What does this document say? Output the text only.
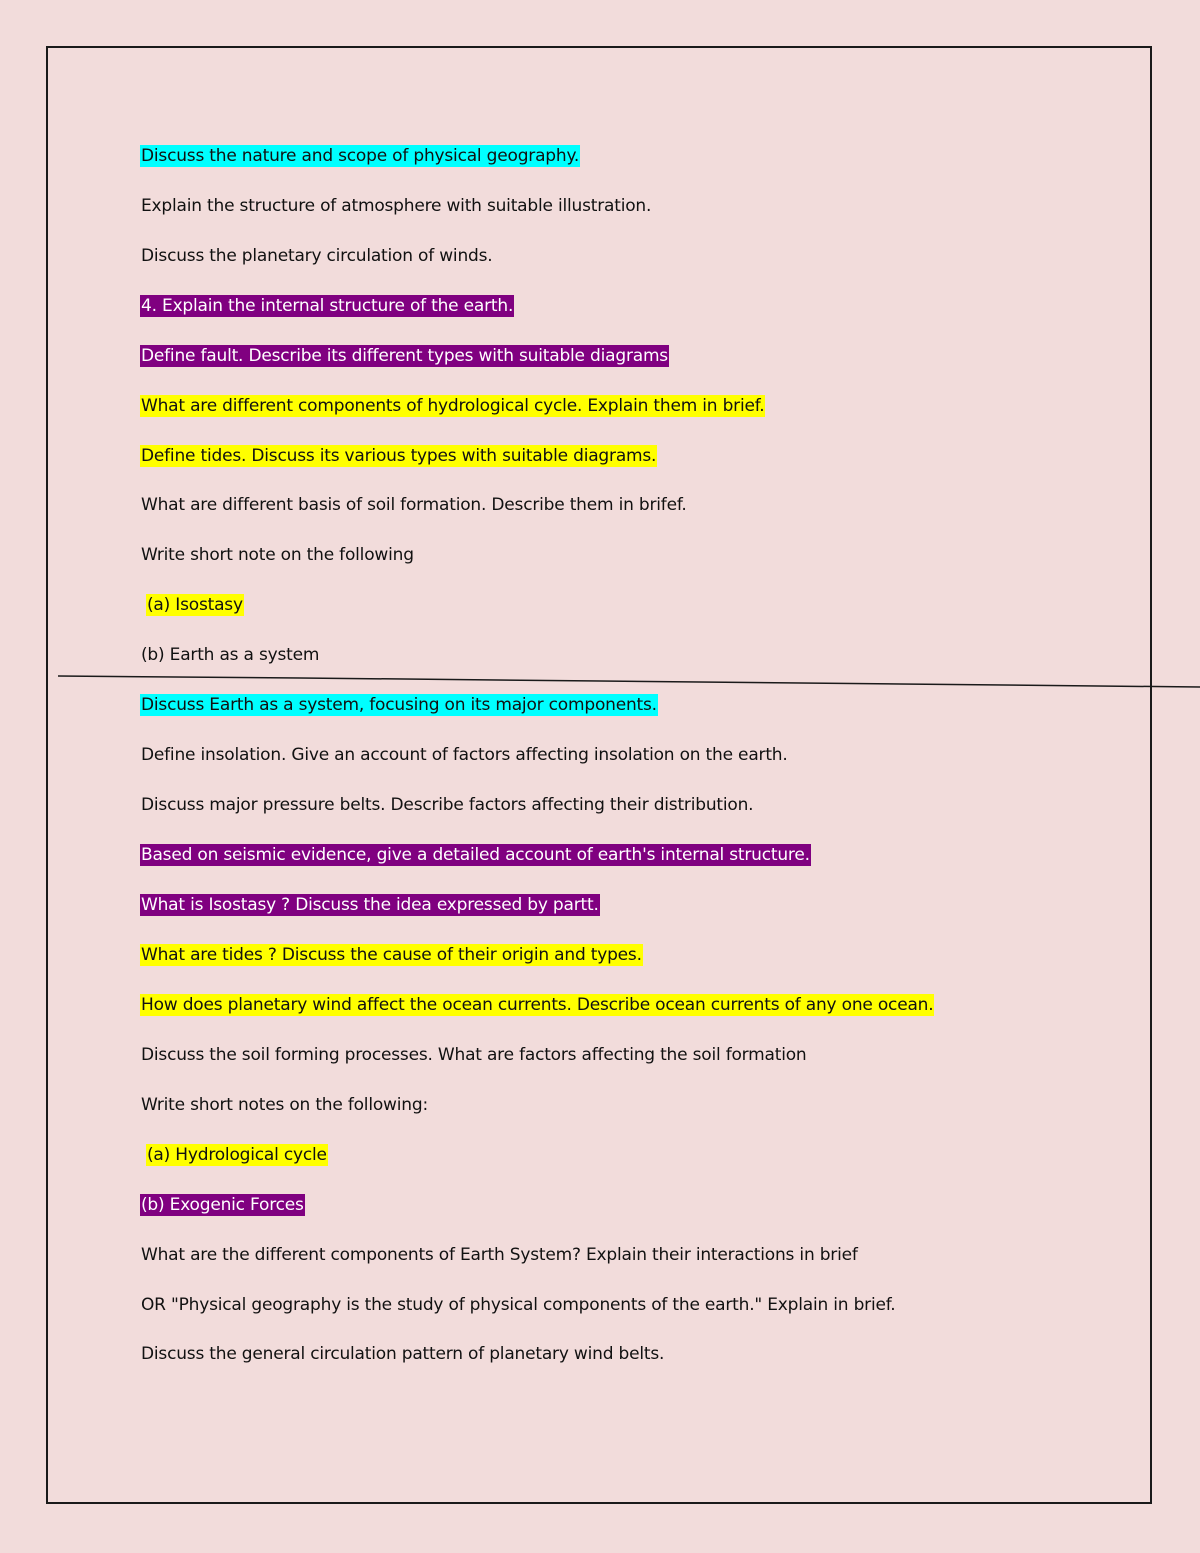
Discuss the nature and scope of physical geography.
Explain the structure of atmosphere with suitable illustration.
Discuss the planetary circulation of winds.
4. Explain the internal structure of the earth.
Define fault. Describe its different types with suitable diagrams
What are different components of hydrological cycle. Explain them in brief.
Define tides. Discuss its various types with suitable diagrams.
What are different basis of soil formation. Describe them in brifef.
Write short note on the following
(a) Isostasy
(b) Earth as a system
Discuss Earth as a system, focusing on its major components.
Define insolation. Give an account of factors affecting insolation on the earth.
Discuss major pressure belts. Describe factors affecting their distribution.
Based on seismic evidence, give a detailed account of earth's internal structure.
What is Isostasy ? Discuss the idea expressed by partt.
What are tides ? Discuss the cause of their origin and types.
How does planetary wind affect the ocean currents. Describe ocean currents of any one ocean.
Discuss the soil forming processes. What are factors affecting the soil formation
Write short notes on the following:
(a) Hydrological cycle
(b) Exogenic Forces
What are the different components of Earth System? Explain their interactions in brief
OR "Physical geography is the study of physical components of the earth." Explain in brief.
Discuss the general circulation pattern of planetary wind belts.
